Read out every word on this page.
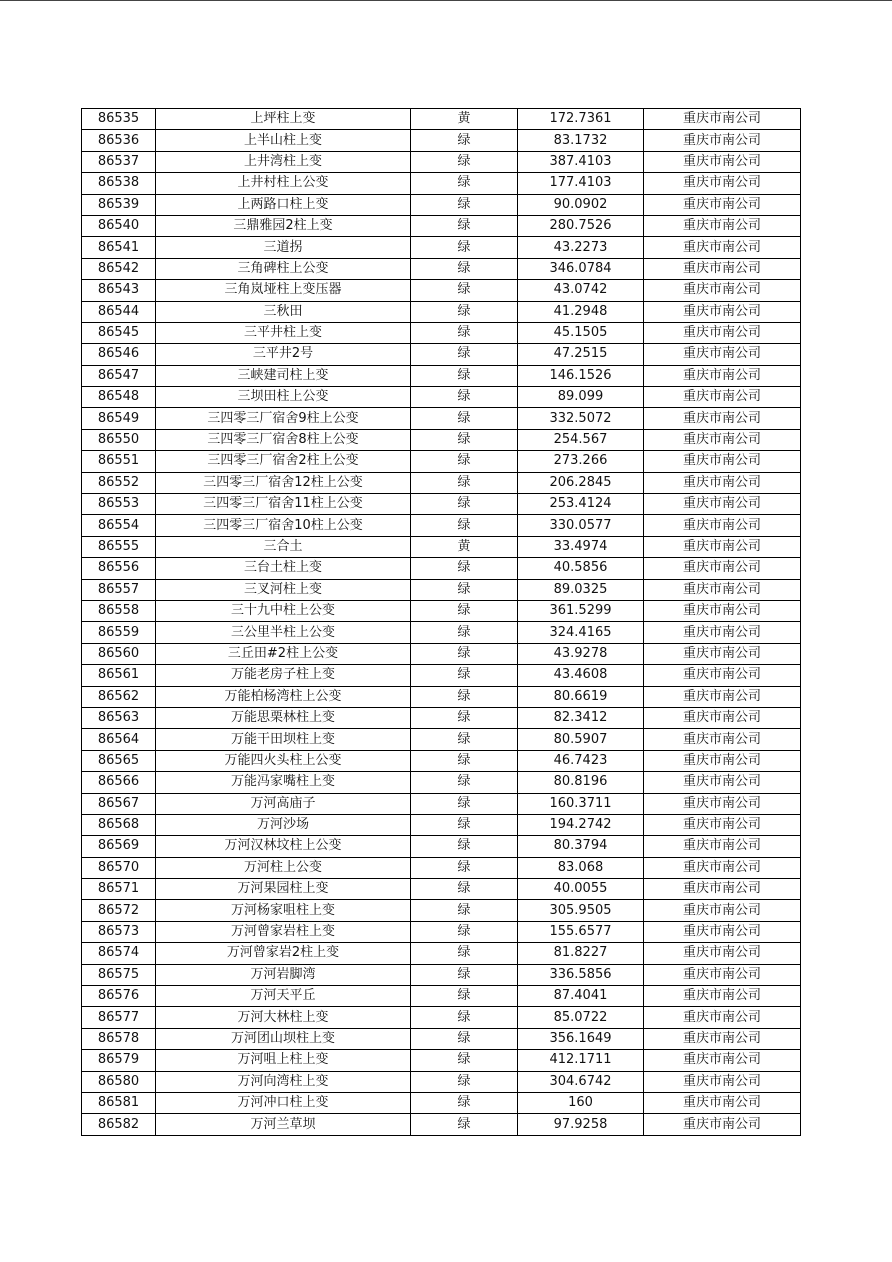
86535	上坪柱上变	黄	172.7361	重庆市南公司
86536	上半山柱上变	绿	83.1732	重庆市南公司
86537	上井湾柱上变	绿	387.4103	重庆市南公司
86538	上井村柱上公变	绿	177.4103	重庆市南公司
86539	上两路口柱上变	绿	90.0902	重庆市南公司
86540	三鼎雅园2柱上变	绿	280.7526	重庆市南公司
86541	三道拐	绿	43.2273	重庆市南公司
86542	三角碑柱上公变	绿	346.0784	重庆市南公司
86543	三角岚垭柱上变压器	绿	43.0742	重庆市南公司
86544	三秋田	绿	41.2948	重庆市南公司
86545	三平井柱上变	绿	45.1505	重庆市南公司
86546	三平井2号	绿	47.2515	重庆市南公司
86547	三峡建司柱上变	绿	146.1526	重庆市南公司
86548	三坝田柱上公变	绿	89.099	重庆市南公司
86549	三四零三厂宿舍9柱上公变	绿	332.5072	重庆市南公司
86550	三四零三厂宿舍8柱上公变	绿	254.567	重庆市南公司
86551	三四零三厂宿舍2柱上公变	绿	273.266	重庆市南公司
86552	三四零三厂宿舍12柱上公变	绿	206.2845	重庆市南公司
86553	三四零三厂宿舍11柱上公变	绿	253.4124	重庆市南公司
86554	三四零三厂宿舍10柱上公变	绿	330.0577	重庆市南公司
86555	三合土	黄	33.4974	重庆市南公司
86556	三台土柱上变	绿	40.5856	重庆市南公司
86557	三叉河柱上变	绿	89.0325	重庆市南公司
86558	三十九中柱上公变	绿	361.5299	重庆市南公司
86559	三公里半柱上公变	绿	324.4165	重庆市南公司
86560	三丘田#2柱上公变	绿	43.9278	重庆市南公司
86561	万能老房子柱上变	绿	43.4608	重庆市南公司
86562	万能柏杨湾柱上公变	绿	80.6619	重庆市南公司
86563	万能思栗林柱上变	绿	82.3412	重庆市南公司
86564	万能干田坝柱上变	绿	80.5907	重庆市南公司
86565	万能四火头柱上公变	绿	46.7423	重庆市南公司
86566	万能冯家嘴柱上变	绿	80.8196	重庆市南公司
86567	万河高庙子	绿	160.3711	重庆市南公司
86568	万河沙场	绿	194.2742	重庆市南公司
86569	万河汉林坟柱上公变	绿	80.3794	重庆市南公司
86570	万河柱上公变	绿	83.068	重庆市南公司
86571	万河果园柱上变	绿	40.0055	重庆市南公司
86572	万河杨家咀柱上变	绿	305.9505	重庆市南公司
86573	万河曾家岩柱上变	绿	155.6577	重庆市南公司
86574	万河曾家岩2柱上变	绿	81.8227	重庆市南公司
86575	万河岩脚湾	绿	336.5856	重庆市南公司
86576	万河天平丘	绿	87.4041	重庆市南公司
86577	万河大林柱上变	绿	85.0722	重庆市南公司
86578	万河团山坝柱上变	绿	356.1649	重庆市南公司
86579	万河咀上柱上变	绿	412.1711	重庆市南公司
86580	万河向湾柱上变	绿	304.6742	重庆市南公司
86581	万河冲口柱上变	绿	160	重庆市南公司
86582	万河兰草坝	绿	97.9258	重庆市南公司
